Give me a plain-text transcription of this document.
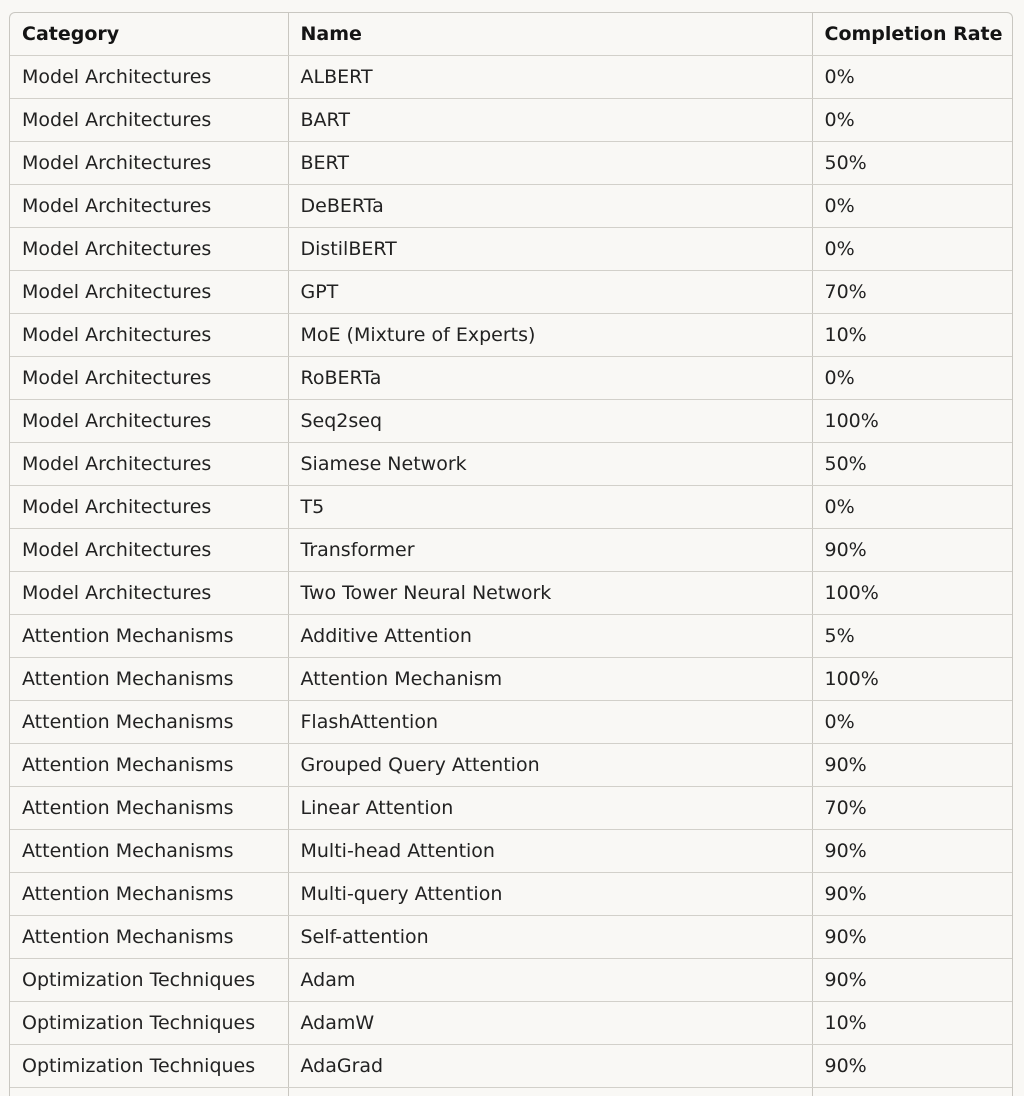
Category	Name	Completion Rate
Model Architectures	ALBERT	0%
Model Architectures	BART	0%
Model Architectures	BERT	50%
Model Architectures	DeBERTa	0%
Model Architectures	DistilBERT	0%
Model Architectures	GPT	70%
Model Architectures	MoE (Mixture of Experts)	10%
Model Architectures	RoBERTa	0%
Model Architectures	Seq2seq	100%
Model Architectures	Siamese Network	50%
Model Architectures	T5	0%
Model Architectures	Transformer	90%
Model Architectures	Two Tower Neural Network	100%
Attention Mechanisms	Additive Attention	5%
Attention Mechanisms	Attention Mechanism	100%
Attention Mechanisms	FlashAttention	0%
Attention Mechanisms	Grouped Query Attention	90%
Attention Mechanisms	Linear Attention	70%
Attention Mechanisms	Multi-head Attention	90%
Attention Mechanisms	Multi-query Attention	90%
Attention Mechanisms	Self-attention	90%
Optimization Techniques	Adam	90%
Optimization Techniques	AdamW	10%
Optimization Techniques	AdaGrad	90%
